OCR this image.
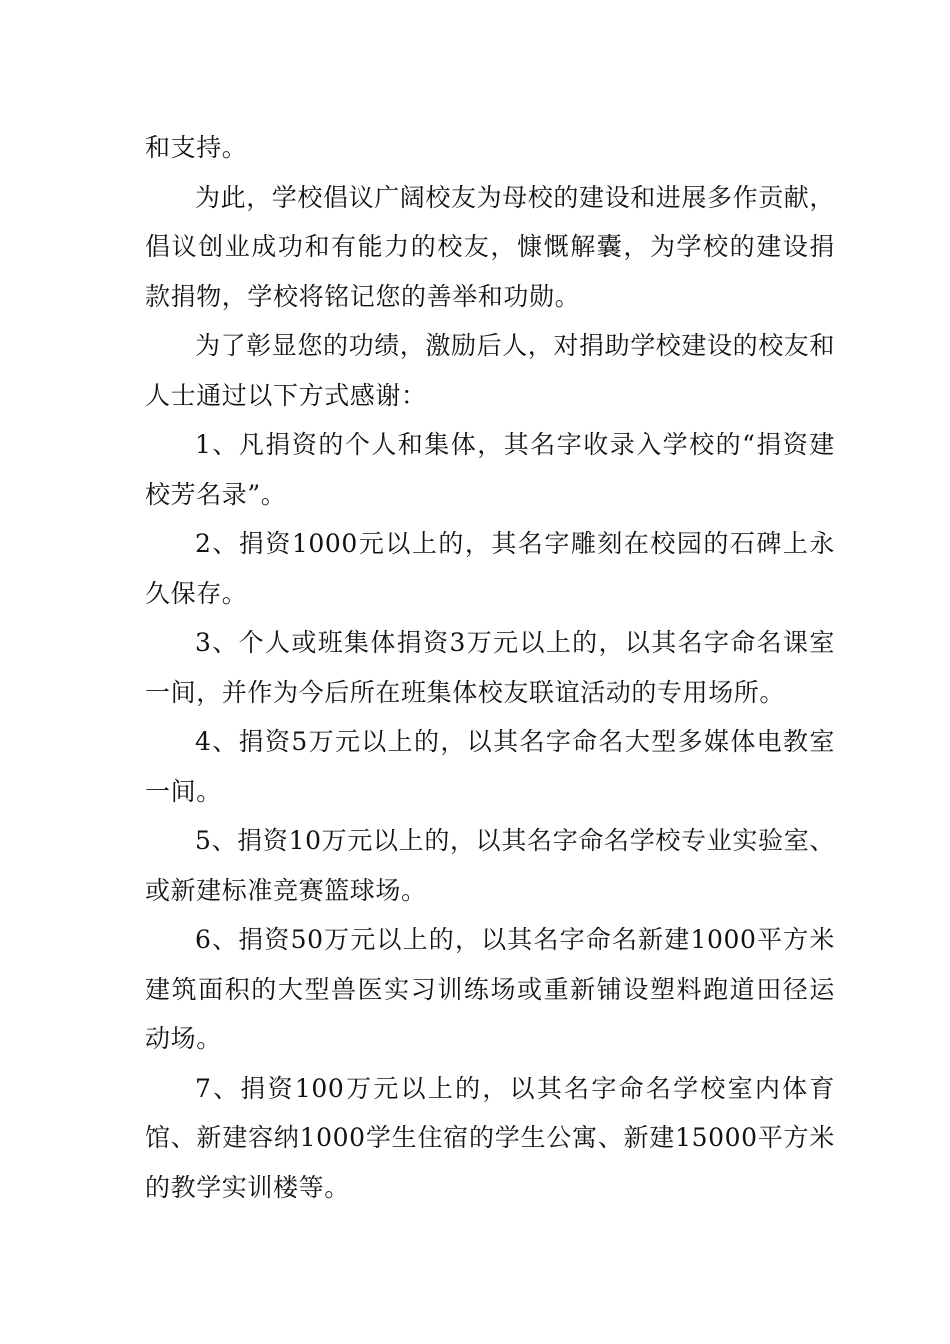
和支持。

为此，学校倡议广阔校友为母校的建设和进展多作贡献，倡议创业成功和有能力的校友，慷慨解囊，为学校的建设捐款捐物，学校将铭记您的善举和功勋。

为了彰显您的功绩，激励后人，对捐助学校建设的校友和人士通过以下方式感谢：

1、凡捐资的个人和集体，其名字收录入学校的“捐资建校芳名录”。

2、捐资1000元以上的，其名字雕刻在校园的石碑上永久保存。

3、个人或班集体捐资3万元以上的，以其名字命名课室一间，并作为今后所在班集体校友联谊活动的专用场所。

4、捐资5万元以上的，以其名字命名大型多媒体电教室一间。

5、捐资10万元以上的，以其名字命名学校专业实验室、或新建标准竞赛篮球场。

6、捐资50万元以上的，以其名字命名新建1000平方米建筑面积的大型兽医实习训练场或重新铺设塑料跑道田径运动场。

7、捐资100万元以上的，以其名字命名学校室内体育馆、新建容纳1000学生住宿的学生公寓、新建15000平方米的教学实训楼等。
